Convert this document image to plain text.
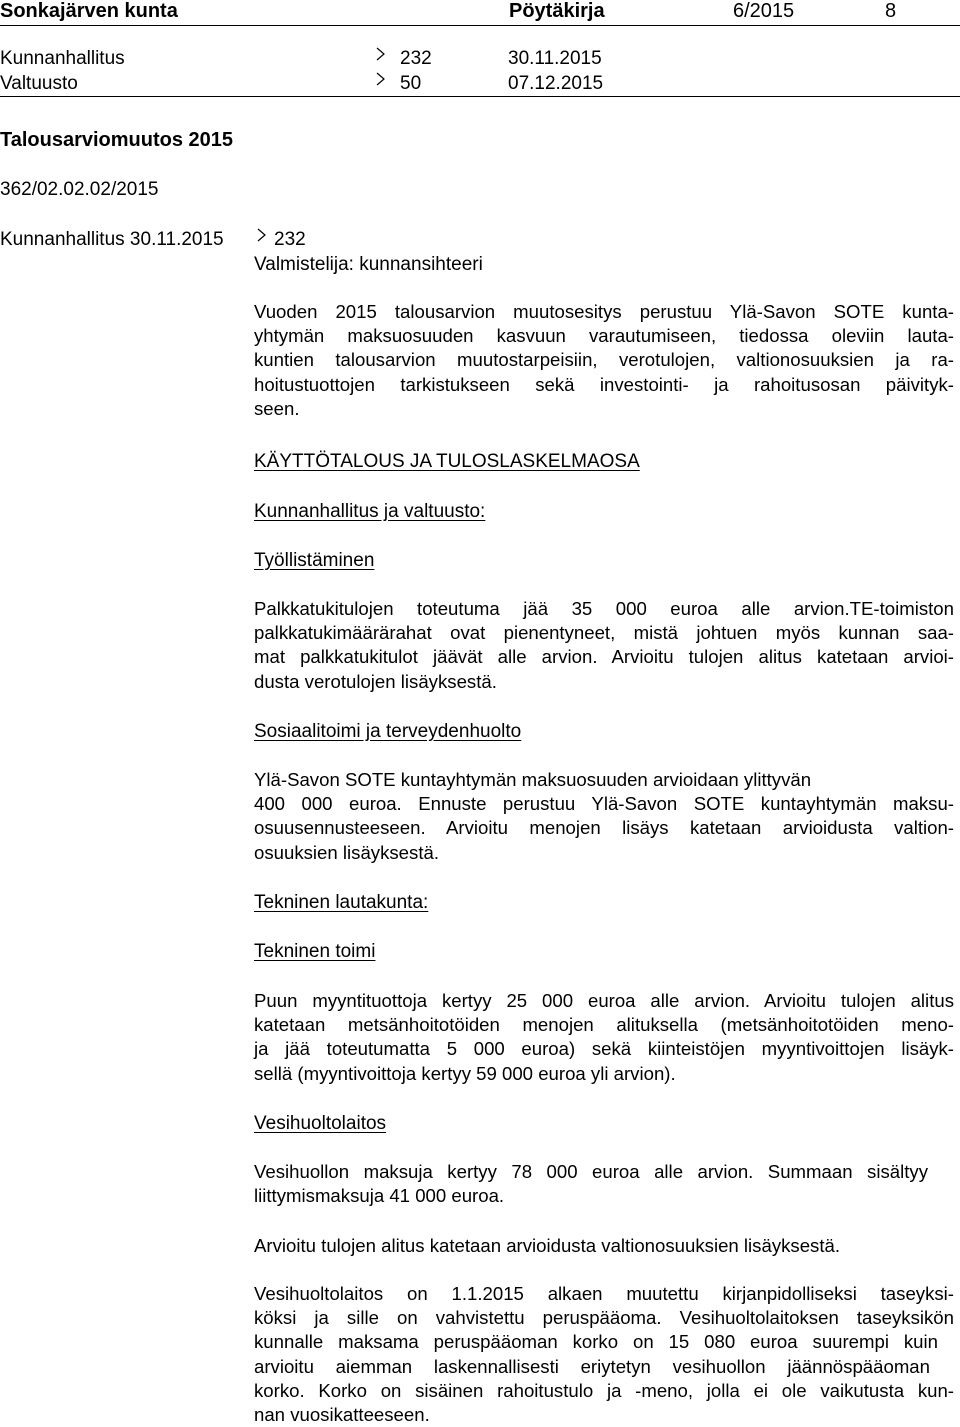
Sonkajärven kunta	Pöytäkirja	6/2015	8
Kunnanhallitus	232	30.11.2015
Valtuusto	50	07.12.2015
Talousarviomuutos 2015
362/02.02.02/2015
Kunnanhallitus 30.11.2015	232
Valmistelija: kunnansihteeri
Vuoden 2015 talousarvion muutosesitys perustuu Ylä-Savon SOTE kunta-
yhtymän maksuosuuden kasvuun varautumiseen, tiedossa oleviin lauta-
kuntien talousarvion muutostarpeisiin, verotulojen, valtionosuuksien ja ra-
hoitustuottojen tarkistukseen sekä investointi- ja rahoitusosan päivityk-
seen.
KÄYTTÖTALOUS JA TULOSLASKELMAOSA
Kunnanhallitus ja valtuusto:
Työllistäminen
Palkkatukitulojen toteutuma jää 35 000 euroa alle arvion.TE-toimiston
palkkatukimäärärahat ovat pienentyneet, mistä johtuen myös kunnan saa-
mat palkkatukitulot jäävät alle arvion. Arvioitu tulojen alitus katetaan arvioi-
dusta verotulojen lisäyksestä.
Sosiaalitoimi ja terveydenhuolto
Ylä-Savon SOTE kuntayhtymän maksuosuuden arvioidaan ylittyvän
400 000 euroa. Ennuste perustuu Ylä-Savon SOTE kuntayhtymän maksu-
osuusennusteeseen. Arvioitu menojen lisäys katetaan arvioidusta valtion-
osuuksien lisäyksestä.
Tekninen lautakunta:
Tekninen toimi
Puun myyntituottoja kertyy 25 000 euroa alle arvion. Arvioitu tulojen alitus
katetaan metsänhoitotöiden menojen alituksella (metsänhoitotöiden meno-
ja jää toteutumatta 5 000 euroa) sekä kiinteistöjen myyntivoittojen lisäyk-
sellä (myyntivoittoja kertyy 59 000 euroa yli arvion).
Vesihuoltolaitos
Vesihuollon maksuja kertyy 78 000 euroa alle arvion. Summaan sisältyy
liittymismaksuja 41 000 euroa.
Arvioitu tulojen alitus katetaan arvioidusta valtionosuuksien lisäyksestä.
Vesihuoltolaitos on 1.1.2015 alkaen muutettu kirjanpidolliseksi taseyksi-
köksi ja sille on vahvistettu peruspääoma. Vesihuoltolaitoksen taseyksikön
kunnalle maksama peruspääoman korko on 15 080 euroa suurempi kuin
arvioitu aiemman laskennallisesti eriytetyn vesihuollon jäännöspääoman
korko. Korko on sisäinen rahoitustulo ja -meno, jolla ei ole vaikutusta kun-
nan vuosikatteeseen.
